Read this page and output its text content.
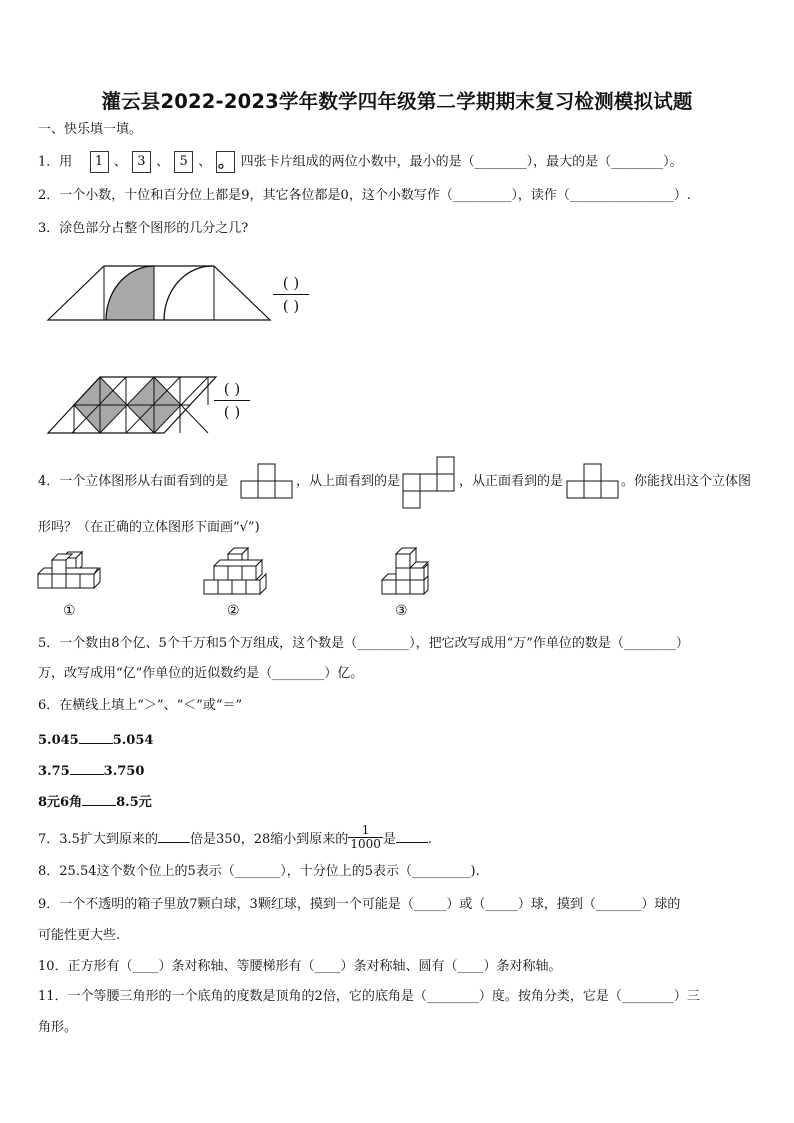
灌云县2022-2023学年数学四年级第二学期期末复习检测模拟试题
一、快乐填一填。
1．用 1 、 3 、 5 、 。 四张卡片组成的两位小数中，最小的是（________），最大的是（________）。
2．一个小数，十位和百分位上都是9，其它各位都是0，这个小数写作（_________），读作（________________）.
3．涂色部分占整个图形的几分之几?
( )
( )
( )
( )
4．一个立体图形从右面看到的是	，从上面看到的是	，从正面看到的是	。你能找出这个立体图
形吗？（在正确的立体图形下面画“√”)
①	②	③
5．一个数由8个亿、5个千万和5个万组成，这个数是（________），把它改写成用“万”作单位的数是（________）
万，改写成用“亿”作单位的近似数约是（________）亿。
6．在横线上填上“＞”、“＜”或“＝”
5.045	5.054
3.75	3.750
8元6角	8.5元
7．3.5扩大到原来的 倍是350，28缩小到原来的 $\frac{1}{1000}$ 是 .
8．25.54这个数个位上的5表示（_______），十分位上的5表示（_________).
9．一个不透明的箱子里放7颗白球，3颗红球，摸到一个可能是（_____）或（_____）球，摸到（_______）球的
可能性更大些.
10．正方形有（____）条对称轴、等腰梯形有（____）条对称轴、圆有（____）条对称轴。
11．一个等腰三角形的一个底角的度数是顶角的2倍，它的底角是（________）度。按角分类，它是（________）三
角形。
